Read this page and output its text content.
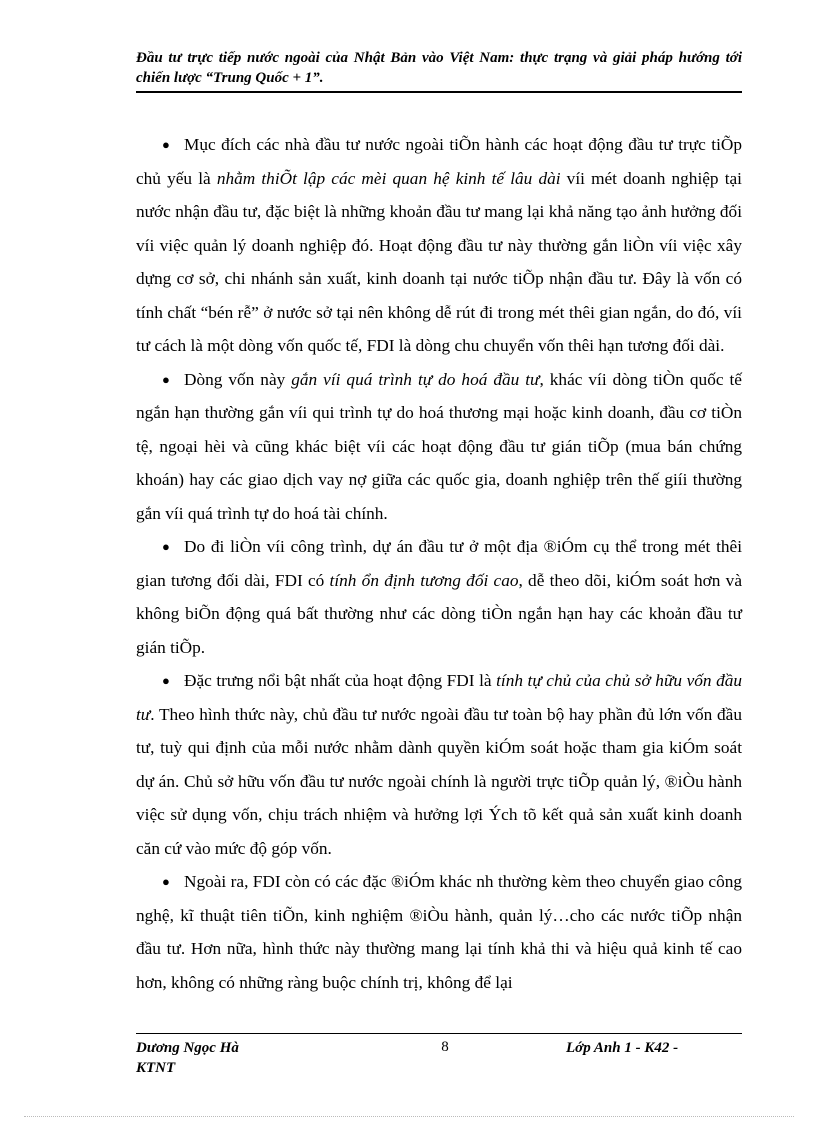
Đầu tư trực tiếp nước ngoài của Nhật Bản vào Việt Nam: thực trạng và giải pháp hướng tới chiến lược “Trung Quốc + 1”.

● Mục đích các nhà đầu tư nước ngoài tiÕn hành các hoạt động đầu tư trực tiÕp chủ yếu là nhằm thiÕt lập các mèi quan hệ kinh tế lâu dài víi mét doanh nghiệp tại nước nhận đầu tư, đặc biệt là những khoản đầu tư mang lại khả năng tạo ảnh hưởng đối víi việc quản lý doanh nghiệp đó. Hoạt động đầu tư này thường gắn liÒn víi việc xây dựng cơ sở, chi nhánh sản xuất, kinh doanh tại nước tiÕp nhận đầu tư. Đây là vốn có tính chất “bén rễ” ở nước sở tại nên không dễ rút đi trong mét thêi gian ngắn, do đó, víi tư cách là một dòng vốn quốc tế, FDI là dòng chu chuyển vốn thêi hạn tương đối dài.

● Dòng vốn này gắn víi quá trình tự do hoá đầu tư, khác víi dòng tiÒn quốc tế ngắn hạn thường gắn víi qui trình tự do hoá thương mại hoặc kinh doanh, đầu cơ tiÒn tệ, ngoại hèi và cũng khác biệt víi các hoạt động đầu tư gián tiÕp (mua bán chứng khoán) hay các giao dịch vay nợ giữa các quốc gia, doanh nghiệp trên thế giíi thường gắn víi quá trình tự do hoá tài chính.

● Do đi liÒn víi công trình, dự án đầu tư ở một địa ®iÓm cụ thể trong mét thêi gian tương đối dài, FDI có tính ổn định tương đối cao, dễ theo dõi, kiÓm soát hơn và không biÕn động quá bất thường như các dòng tiÒn ngắn hạn hay các khoản đầu tư gián tiÕp.

● Đặc trưng nổi bật nhất của hoạt động FDI là tính tự chủ của chủ sở hữu vốn đầu tư. Theo hình thức này, chủ đầu tư nước ngoài đầu tư toàn bộ hay phần đủ lớn vốn đầu tư, tuỳ qui định của mỗi nước nhằm dành quyền kiÓm soát hoặc tham gia kiÓm soát dự án. Chủ sở hữu vốn đầu tư nước ngoài chính là người trực tiÕp quản lý, ®iÒu hành việc sử dụng vốn, chịu trách nhiệm và hưởng lợi Ých tõ kết quả sản xuất kinh doanh căn cứ vào mức độ góp vốn.

● Ngoài ra, FDI còn có các đặc ®iÓm khác nh thường kèm theo chuyển giao công nghệ, kĩ thuật tiên tiÕn, kinh nghiệm ®iÒu hành, quản lý…cho các nước tiÕp nhận đầu tư. Hơn nữa, hình thức này thường mang lại tính khả thi và hiệu quả kinh tế cao hơn, không có những ràng buộc chính trị, không để lại

Dương Ngọc Hà
KTNT
8	Lớp Anh 1 - K42 -
